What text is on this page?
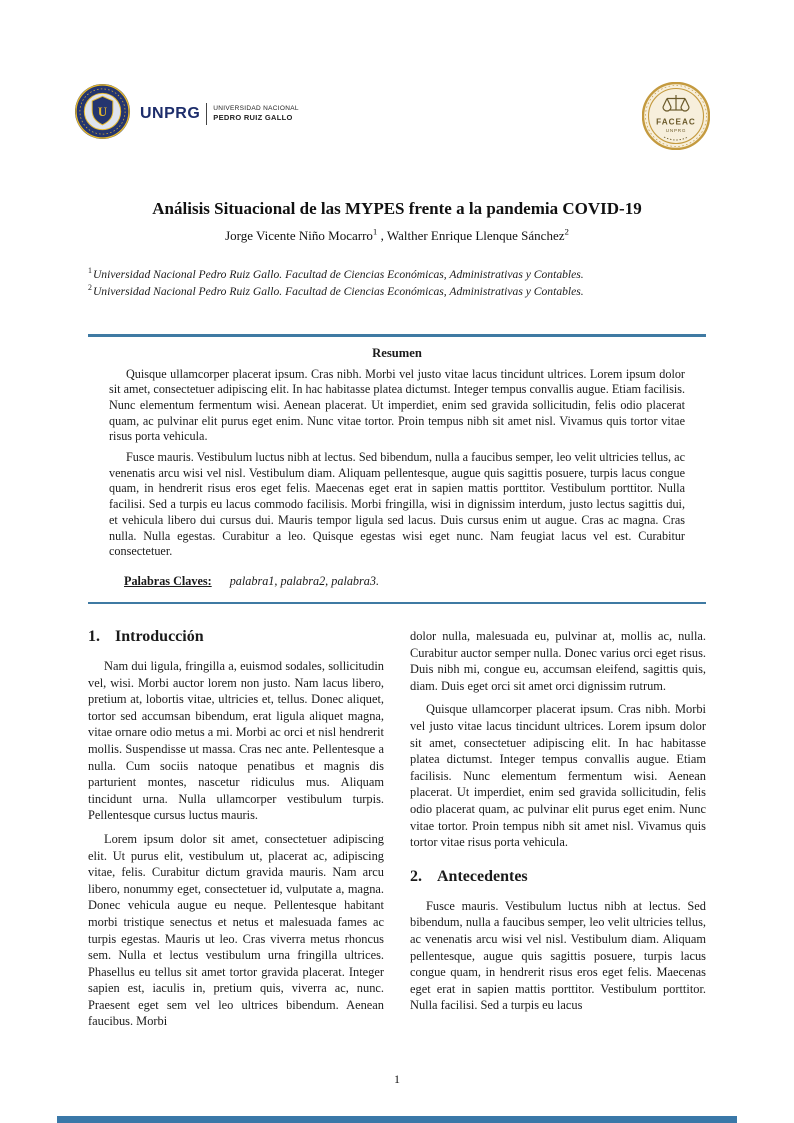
U UNPRG UNIVERSIDAD NACIONAL
PEDRO RUIZ GALLO	FACEAC
UNPRG
Análisis Situacional de las MYPES frente a la pandemia COVID-19
Jorge Vicente Niño Mocarro$^1$ , Walther Enrique Llenque Sánchez$^2$
$^1$Universidad Nacional Pedro Ruiz Gallo. Facultad de Ciencias Económicas, Administrativas y Contables.
$^2$Universidad Nacional Pedro Ruiz Gallo. Facultad de Ciencias Económicas, Administrativas y Contables.
Resumen

Quisque ullamcorper placerat ipsum. Cras nibh. Morbi vel justo vitae lacus tincidunt ultrices. Lorem ipsum dolor sit amet, consectetuer adipiscing elit. In hac habitasse platea dictumst. Integer tempus convallis augue. Etiam facilisis. Nunc elementum fermentum wisi. Aenean placerat. Ut imperdiet, enim sed gravida sollicitudin, felis odio placerat quam, ac pulvinar elit purus eget enim. Nunc vitae tortor. Proin tempus nibh sit amet nisl. Vivamus quis tortor vitae risus porta vehicula.

Fusce mauris. Vestibulum luctus nibh at lectus. Sed bibendum, nulla a faucibus semper, leo velit ultricies tellus, ac venenatis arcu wisi vel nisl. Vestibulum diam. Aliquam pellentesque, augue quis sagittis posuere, turpis lacus congue quam, in hendrerit risus eros eget felis. Maecenas eget erat in sapien mattis porttitor. Vestibulum porttitor. Nulla facilisi. Sed a turpis eu lacus commodo facilisis. Morbi fringilla, wisi in dignissim interdum, justo lectus sagittis dui, et vehicula libero dui cursus dui. Mauris tempor ligula sed lacus. Duis cursus enim ut augue. Cras ac magna. Cras nulla. Nulla egestas. Curabitur a leo. Quisque egestas wisi eget nunc. Nam feugiat lacus vel est. Curabitur consectetuer.

Palabras Claves: palabra1, palabra2, palabra3.
1. Introducción

Nam dui ligula, fringilla a, euismod sodales, sollicitudin vel, wisi. Morbi auctor lorem non justo. Nam lacus libero, pretium at, lobortis vitae, ultricies et, tellus. Donec aliquet, tortor sed accumsan bibendum, erat ligula aliquet magna, vitae ornare odio metus a mi. Morbi ac orci et nisl hendrerit mollis. Suspendisse ut massa. Cras nec ante. Pellentesque a nulla. Cum sociis natoque penatibus et magnis dis parturient montes, nascetur ridiculus mus. Aliquam tincidunt urna. Nulla ullamcorper vestibulum turpis. Pellentesque cursus luctus mauris.

Lorem ipsum dolor sit amet, consectetuer adipiscing elit. Ut purus elit, vestibulum ut, placerat ac, adipiscing vitae, felis. Curabitur dictum gravida mauris. Nam arcu libero, nonummy eget, consectetuer id, vulputate a, magna. Donec vehicula augue eu neque. Pellentesque habitant morbi tristique senectus et netus et malesuada fames ac turpis egestas. Mauris ut leo. Cras viverra metus rhoncus sem. Nulla et lectus vestibulum urna fringilla ultrices. Phasellus eu tellus sit amet tortor gravida placerat. Integer sapien est, iaculis in, pretium quis, viverra ac, nunc. Praesent eget sem vel leo ultrices bibendum. Aenean faucibus. Morbi

dolor nulla, malesuada eu, pulvinar at, mollis ac, nulla. Curabitur auctor semper nulla. Donec varius orci eget risus. Duis nibh mi, congue eu, accumsan eleifend, sagittis quis, diam. Duis eget orci sit amet orci dignissim rutrum.

Quisque ullamcorper placerat ipsum. Cras nibh. Morbi vel justo vitae lacus tincidunt ultrices. Lorem ipsum dolor sit amet, consectetuer adipiscing elit. In hac habitasse platea dictumst. Integer tempus convallis augue. Etiam facilisis. Nunc elementum fermentum wisi. Aenean placerat. Ut imperdiet, enim sed gravida sollicitudin, felis odio placerat quam, ac pulvinar elit purus eget enim. Nunc vitae tortor. Proin tempus nibh sit amet nisl. Vivamus quis tortor vitae risus porta vehicula.

2. Antecedentes

Fusce mauris. Vestibulum luctus nibh at lectus. Sed bibendum, nulla a faucibus semper, leo velit ultricies tellus, ac venenatis arcu wisi vel nisl. Vestibulum diam. Aliquam pellentesque, augue quis sagittis posuere, turpis lacus congue quam, in hendrerit risus eros eget felis. Maecenas eget erat in sapien mattis porttitor. Vestibulum porttitor. Nulla facilisi. Sed a turpis eu lacus

1
